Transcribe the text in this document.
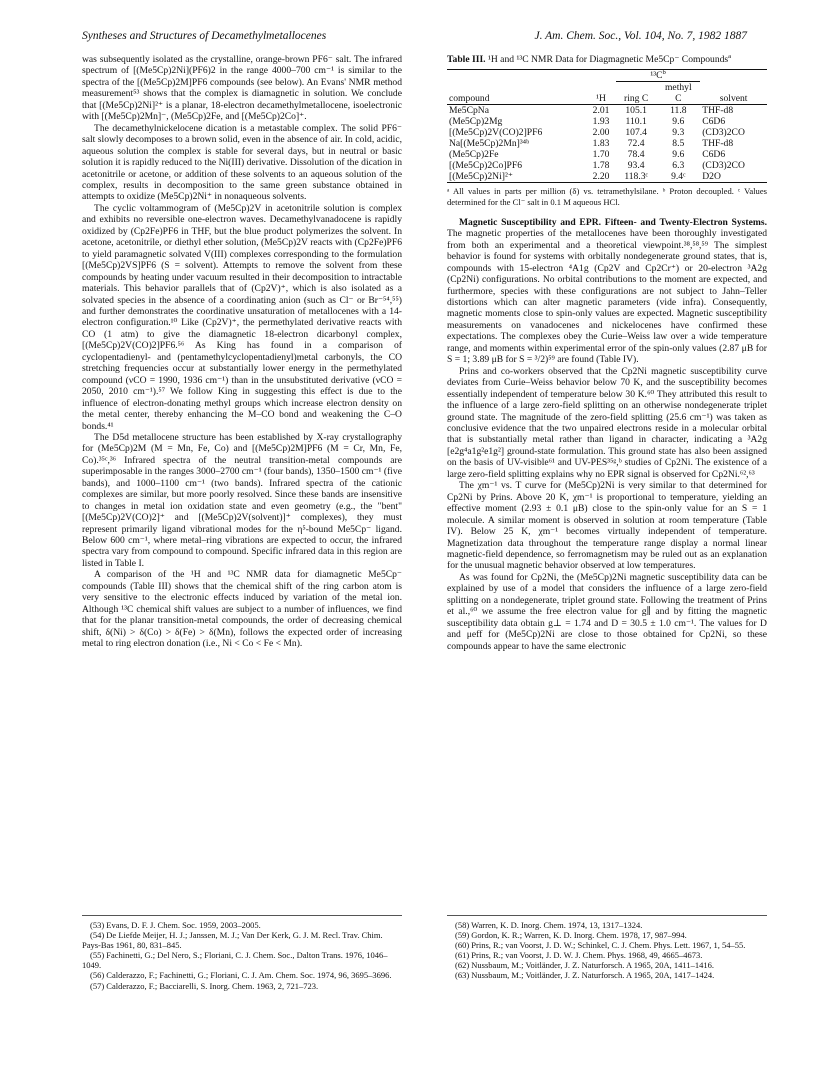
Syntheses and Structures of Decamethylmetallocenes	J. Am. Chem. Soc., Vol. 104, No. 7, 1982 1887

was subsequently isolated as the crystalline, orange-brown PF6⁻ salt. The infrared spectrum of [(Me5Cp)2Ni](PF6)2 in the range 4000–700 cm⁻¹ is similar to the spectra of the [(Me5Cp)2M]PF6 compounds (see below). An Evans' NMR method measurement⁵³ shows that the complex is diamagnetic in solution. We conclude that [(Me5Cp)2Ni]²⁺ is a planar, 18-electron decamethylmetallocene, isoelectronic with [(Me5Cp)2Mn]⁻, (Me5Cp)2Fe, and [(Me5Cp)2Co]⁺.

The decamethylnickelocene dication is a metastable complex. The solid PF6⁻ salt slowly decomposes to a brown solid, even in the absence of air. In cold, acidic, aqueous solution the complex is stable for several days, but in neutral or basic solution it is rapidly reduced to the Ni(III) derivative. Dissolution of the dication in acetonitrile or acetone, or addition of these solvents to an aqueous solution of the complex, results in decomposition to the same green substance obtained in attempts to oxidize (Me5Cp)2Ni⁺ in nonaqueous solvents.

The cyclic voltammogram of (Me5Cp)2V in acetonitrile solution is complex and exhibits no reversible one-electron waves. Decamethylvanadocene is rapidly oxidized by (Cp2Fe)PF6 in THF, but the blue product polymerizes the solvent. In acetone, acetonitrile, or diethyl ether solution, (Me5Cp)2V reacts with (Cp2Fe)PF6 to yield paramagnetic solvated V(III) complexes corresponding to the formulation [(Me5Cp)2VS]PF6 (S = solvent). Attempts to remove the solvent from these compounds by heating under vacuum resulted in their decomposition to intractable materials. This behavior parallels that of (Cp2V)⁺, which is also isolated as a solvated species in the absence of a coordinating anion (such as Cl⁻ or Br⁻⁵⁴,⁵⁵) and further demonstrates the coordinative unsaturation of metallocenes with a 14-electron configuration.¹⁰ Like (Cp2V)⁺, the permethylated derivative reacts with CO (1 atm) to give the diamagnetic 18-electron dicarbonyl complex, [(Me5Cp)2V(CO)2]PF6.⁵⁶ As King has found in a comparison of cyclopentadienyl- and (pentamethylcyclopentadienyl)metal carbonyls, the CO stretching frequencies occur at substantially lower energy in the permethylated compound (νCO = 1990, 1936 cm⁻¹) than in the unsubstituted derivative (νCO = 2050, 2010 cm⁻¹).⁵⁷ We follow King in suggesting this effect is due to the influence of electron-donating methyl groups which increase electron density on the metal center, thereby enhancing the M–CO bond and weakening the C–O bonds.⁴¹

The D5d metallocene structure has been established by X-ray crystallography for (Me5Cp)2M (M = Mn, Fe, Co) and [(Me5Cp)2M]PF6 (M = Cr, Mn, Fe, Co).³⁵ᶜ,³⁶ Infrared spectra of the neutral transition-metal compounds are superimposable in the ranges 3000–2700 cm⁻¹ (four bands), 1350–1500 cm⁻¹ (five bands), and 1000–1100 cm⁻¹ (two bands). Infrared spectra of the cationic complexes are similar, but more poorly resolved. Since these bands are insensitive to changes in metal ion oxidation state and even geometry (e.g., the "bent" [(Me5Cp)2V(CO)2]⁺ and [(Me5Cp)2V(solvent)]⁺ complexes), they must represent primarily ligand vibrational modes for the η⁵-bound Me5Cp⁻ ligand. Below 600 cm⁻¹, where metal–ring vibrations are expected to occur, the infrared spectra vary from compound to compound. Specific infrared data in this region are listed in Table I.

A comparison of the ¹H and ¹³C NMR data for diamagnetic Me5Cp⁻ compounds (Table III) shows that the chemical shift of the ring carbon atom is very sensitive to the electronic effects induced by variation of the metal ion. Although ¹³C chemical shift values are subject to a number of influences, we find that for the planar transition-metal compounds, the order of decreasing chemical shift, δ(Ni) > δ(Co) > δ(Fe) > δ(Mn), follows the expected order of increasing metal to ring electron donation (i.e., Ni < Co < Fe < Mn).

Table III. ¹H and ¹³C NMR Data for Diagmagnetic Me5Cp⁻ Compounds$^a$
		$^{13}C^b$	
			methyl	
compound	¹H	ring C	C	solvent
Me5CpNa	2.01	105.1	11.8	THF-d8
(Me5Cp)2Mg	1.93	110.1	9.6	C6D6
[(Me5Cp)2V(CO)2]PF6	2.00	107.4	9.3	(CD3)2CO
Na[(Me5Cp)2Mn]³⁴ᵇ	1.83	72.4	8.5	THF-d8
(Me5Cp)2Fe	1.70	78.4	9.6	C6D6
[(Me5Cp)2Co]PF6	1.78	93.4	6.3	(CD3)2CO
[(Me5Cp)2Ni]²⁺	2.20	118.3ᶜ	9.4ᶜ	D2O
ᵃ All values in parts per million (δ) vs. tetramethylsilane. ᵇ Proton decoupled. ᶜ Values determined for the Cl⁻ salt in 0.1 M aqueous HCl.

Magnetic Susceptibility and EPR. Fifteen- and Twenty-Electron Systems. The magnetic properties of the metallocenes have been thoroughly investigated from both an experimental and a theoretical viewpoint.³⁸,⁵⁸,⁵⁹ The simplest behavior is found for systems with orbitally nondegenerate ground states, that is, compounds with 15-electron ⁴A1g (Cp2V and Cp2Cr⁺) or 20-electron ³A2g (Cp2Ni) configurations. No orbital contributions to the moment are expected, and furthermore, species with these configurations are not subject to Jahn–Teller distortions which can alter magnetic parameters (vide infra). Consequently, magnetic moments close to spin-only values are expected. Magnetic susceptibility measurements on vanadocenes and nickelocenes have confirmed these expectations. The complexes obey the Curie–Weiss law over a wide temperature range, and moments within experimental error of the spin-only values (2.87 μB for S = 1; 3.89 μB for S = ³/2)⁵⁹ are found (Table IV).

Prins and co-workers observed that the Cp2Ni magnetic susceptibility curve deviates from Curie–Weiss behavior below 70 K, and the susceptibility becomes essentially independent of temperature below 30 K.⁶⁰ They attributed this result to the influence of a large zero-field splitting on an otherwise nondegenerate triplet ground state. The magnitude of the zero-field splitting (25.6 cm⁻¹) was taken as conclusive evidence that the two unpaired electrons reside in a molecular orbital that is substantially metal rather than ligand in character, indicating a ³A2g [e2g⁴a1g²e1g²] ground-state formulation. This ground state has also been assigned on the basis of UV-visible⁶¹ and UV-PES³⁵ᵍ,ᵇ studies of Cp2Ni. The existence of a large zero-field splitting explains why no EPR signal is observed for Cp2Ni.⁶²,⁶³

The χm⁻¹ vs. T curve for (Me5Cp)2Ni is very similar to that determined for Cp2Ni by Prins. Above 20 K, χm⁻¹ is proportional to temperature, yielding an effective moment (2.93 ± 0.1 μB) close to the spin-only value for an S = 1 molecule. A similar moment is observed in solution at room temperature (Table IV). Below 25 K, χm⁻¹ becomes virtually independent of temperature. Magnetization data throughout the temperature range display a normal linear magnetic-field dependence, so ferromagnetism may be ruled out as an explanation for the unusual magnetic behavior observed at low temperatures.

As was found for Cp2Ni, the (Me5Cp)2Ni magnetic susceptibility data can be explained by use of a model that considers the influence of a large zero-field splitting on a nondegenerate, triplet ground state. Following the treatment of Prins et al.,⁶⁰ we assume the free electron value for g∥ and by fitting the magnetic susceptibility data obtain g⊥ = 1.74 and D = 30.5 ± 1.0 cm⁻¹. The values for D and μeff for (Me5Cp)2Ni are close to those obtained for Cp2Ni, so these compounds appear to have the same electronic

(53) Evans, D. F. J. Chem. Soc. 1959, 2003–2005.
(54) De Liefde Meijer, H. J.; Janssen, M. J.; Van Der Kerk, G. J. M. Recl. Trav. Chim. Pays-Bas 1961, 80, 831–845.
(55) Fachinetti, G.; Del Nero, S.; Floriani, C. J. Chem. Soc., Dalton Trans. 1976, 1046–1049.
(56) Calderazzo, F.; Fachinetti, G.; Floriani, C. J. Am. Chem. Soc. 1974, 96, 3695–3696.
(57) Calderazzo, F.; Bacciarelli, S. Inorg. Chem. 1963, 2, 721–723.
(58) Warren, K. D. Inorg. Chem. 1974, 13, 1317–1324.
(59) Gordon, K. R.; Warren, K. D. Inorg. Chem. 1978, 17, 987–994.
(60) Prins, R.; van Voorst, J. D. W.; Schinkel, C. J. Chem. Phys. Lett. 1967, 1, 54–55.
(61) Prins, R.; van Voorst, J. D. W. J. Chem. Phys. 1968, 49, 4665–4673.
(62) Nussbaum, M.; Voitländer, J. Z. Naturforsch. A 1965, 20A, 1411–1416.
(63) Nussbaum, M.; Voitländer, J. Z. Naturforsch. A 1965, 20A, 1417–1424.
